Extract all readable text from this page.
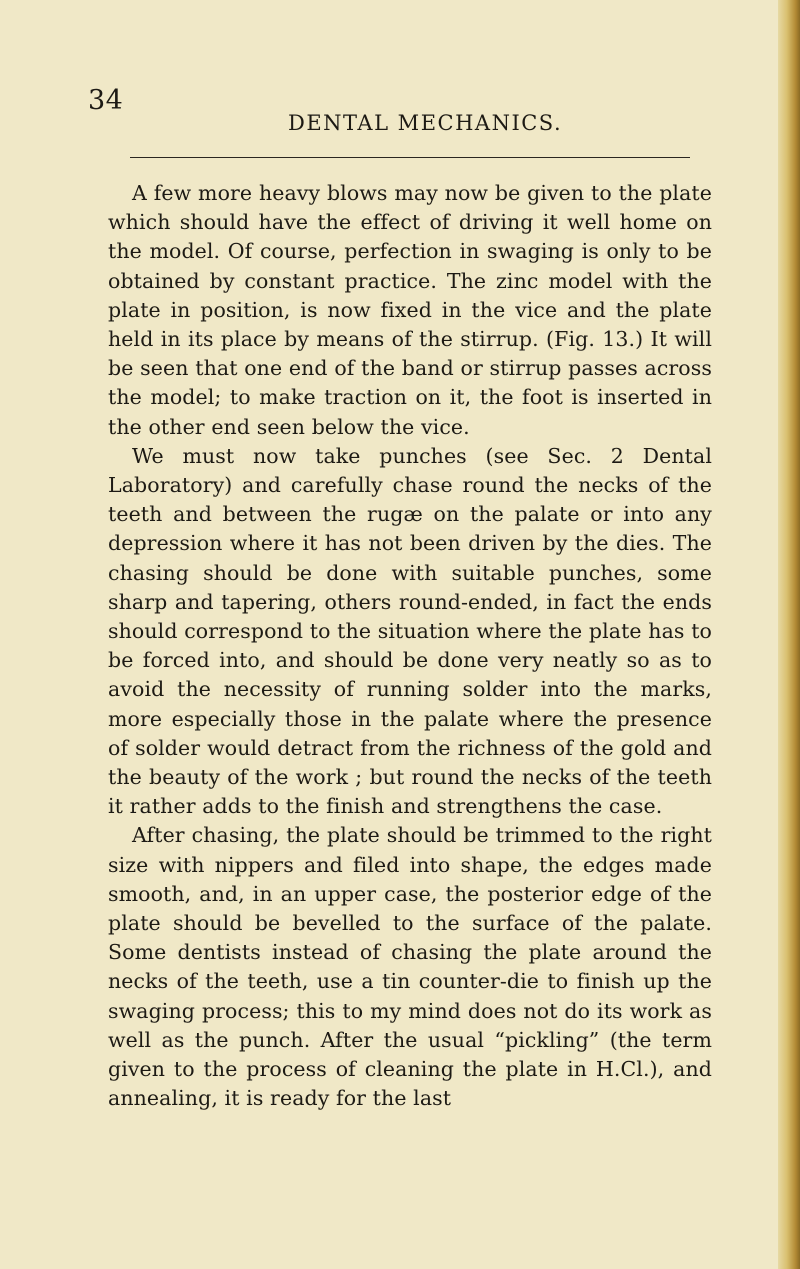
34
DENTAL MECHANICS.

A few more heavy blows may now be given to the plate which should have the effect of driving it well home on the model. Of course, perfection in swaging is only to be obtained by constant practice. The zinc model with the plate in position, is now fixed in the vice and the plate held in its place by means of the stirrup. (Fig. 13.) It will be seen that one end of the band or stirrup passes across the model; to make traction on it, the foot is inserted in the other end seen below the vice.

We must now take punches (see Sec. 2 Dental Laboratory) and carefully chase round the necks of the teeth and between the rugæ on the palate or into any depression where it has not been driven by the dies. The chasing should be done with suitable punches, some sharp and tapering, others round-ended, in fact the ends should correspond to the situation where the plate has to be forced into, and should be done very neatly so as to avoid the necessity of running solder into the marks, more especially those in the palate where the presence of solder would detract from the richness of the gold and the beauty of the work ; but round the necks of the teeth it rather adds to the finish and strengthens the case.

After chasing, the plate should be trimmed to the right size with nippers and filed into shape, the edges made smooth, and, in an upper case, the posterior edge of the plate should be bevelled to the surface of the palate. Some dentists instead of chasing the plate around the necks of the teeth, use a tin counter-die to finish up the swaging process; this to my mind does not do its work as well as the punch. After the usual “pickling” (the term given to the process of cleaning the plate in H.Cl.), and annealing, it is ready for the last
